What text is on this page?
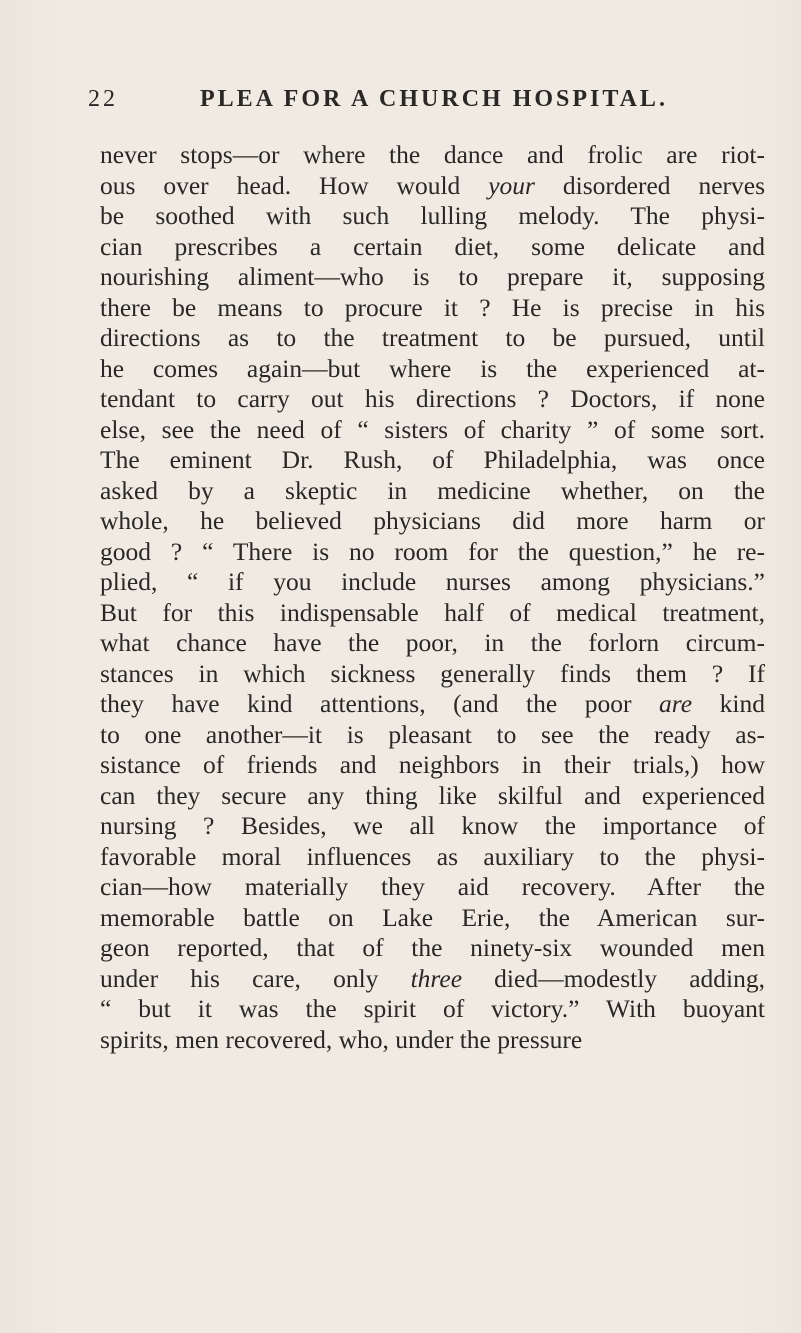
22	PLEA FOR A CHURCH HOSPITAL.
never stops—or where the dance and frolic are riot-
ous over head. How would your disordered nerves
be soothed with such lulling melody. The physi-
cian prescribes a certain diet, some delicate and
nourishing aliment—who is to prepare it, supposing
there be means to procure it ? He is precise in his
directions as to the treatment to be pursued, until
he comes again—but where is the experienced at-
tendant to carry out his directions ? Doctors, if none
else, see the need of “ sisters of charity ” of some sort.
The eminent Dr. Rush, of Philadelphia, was once
asked by a skeptic in medicine whether, on the
whole, he believed physicians did more harm or
good ? “ There is no room for the question,” he re-
plied, “ if you include nurses among physicians.”
But for this indispensable half of medical treatment,
what chance have the poor, in the forlorn circum-
stances in which sickness generally finds them ? If
they have kind attentions, (and the poor are kind
to one another—it is pleasant to see the ready as-
sistance of friends and neighbors in their trials,) how
can they secure any thing like skilful and experienced
nursing ? Besides, we all know the importance of
favorable moral influences as auxiliary to the physi-
cian—how materially they aid recovery. After the
memorable battle on Lake Erie, the American sur-
geon reported, that of the ninety-six wounded men
under his care, only three died—modestly adding,
“ but it was the spirit of victory.” With buoyant
spirits, men recovered, who, under the pressure
